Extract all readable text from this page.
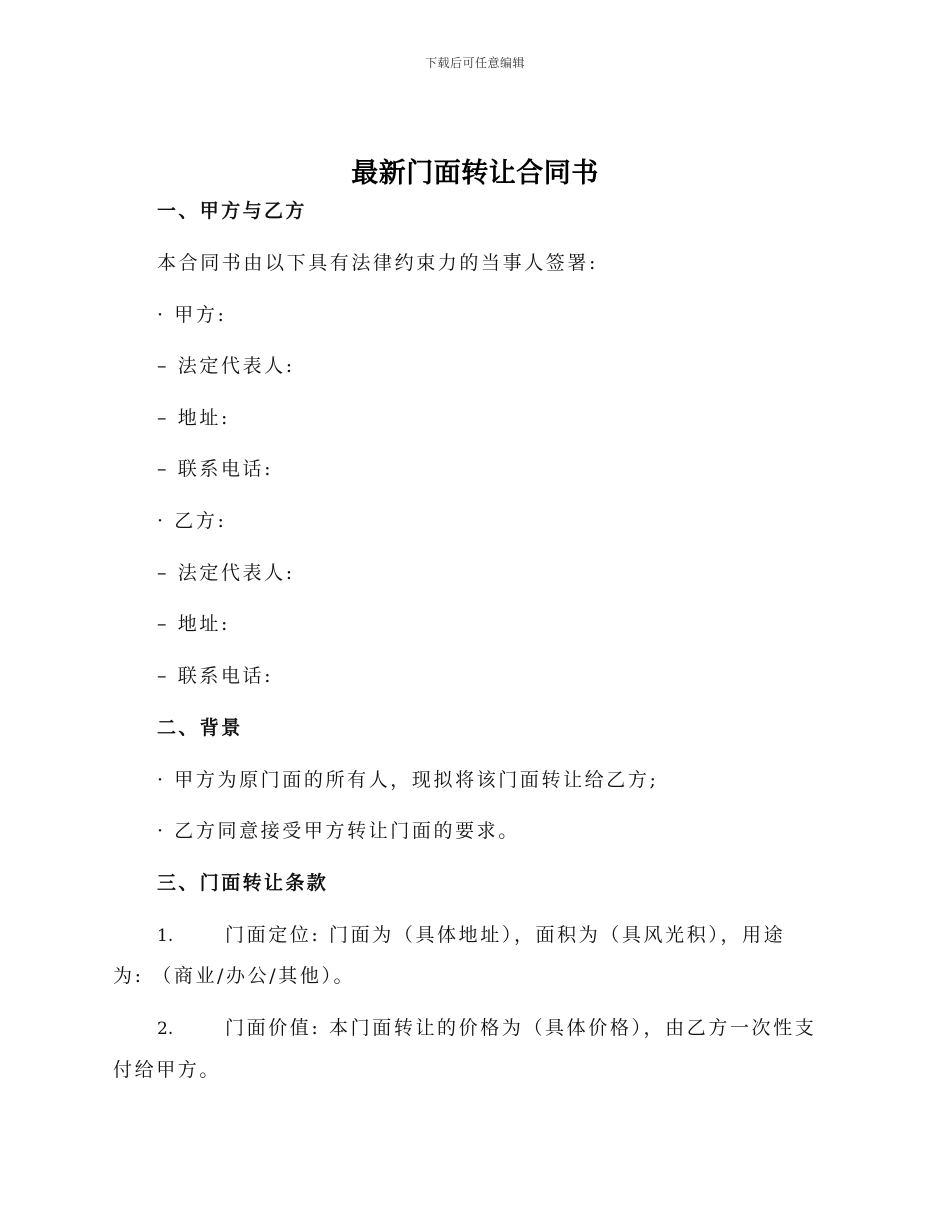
下载后可任意编辑
最新门面转让合同书
一、甲方与乙方
本合同书由以下具有法律约束力的当事人签署:
· 甲方:
– 法定代表人:
– 地址:
– 联系电话:
· 乙方:
– 法定代表人:
– 地址:
– 联系电话:
二、背景
· 甲方为原门面的所有人，现拟将该门面转让给乙方;
· 乙方同意接受甲方转让门面的要求。
三、门面转让条款
1.	门面定位: 门面为（具体地址），面积为（具风光积），用途
为: （商业/办公/其他）。
2.	门面价值: 本门面转让的价格为（具体价格），由乙方一次性支
付给甲方。
